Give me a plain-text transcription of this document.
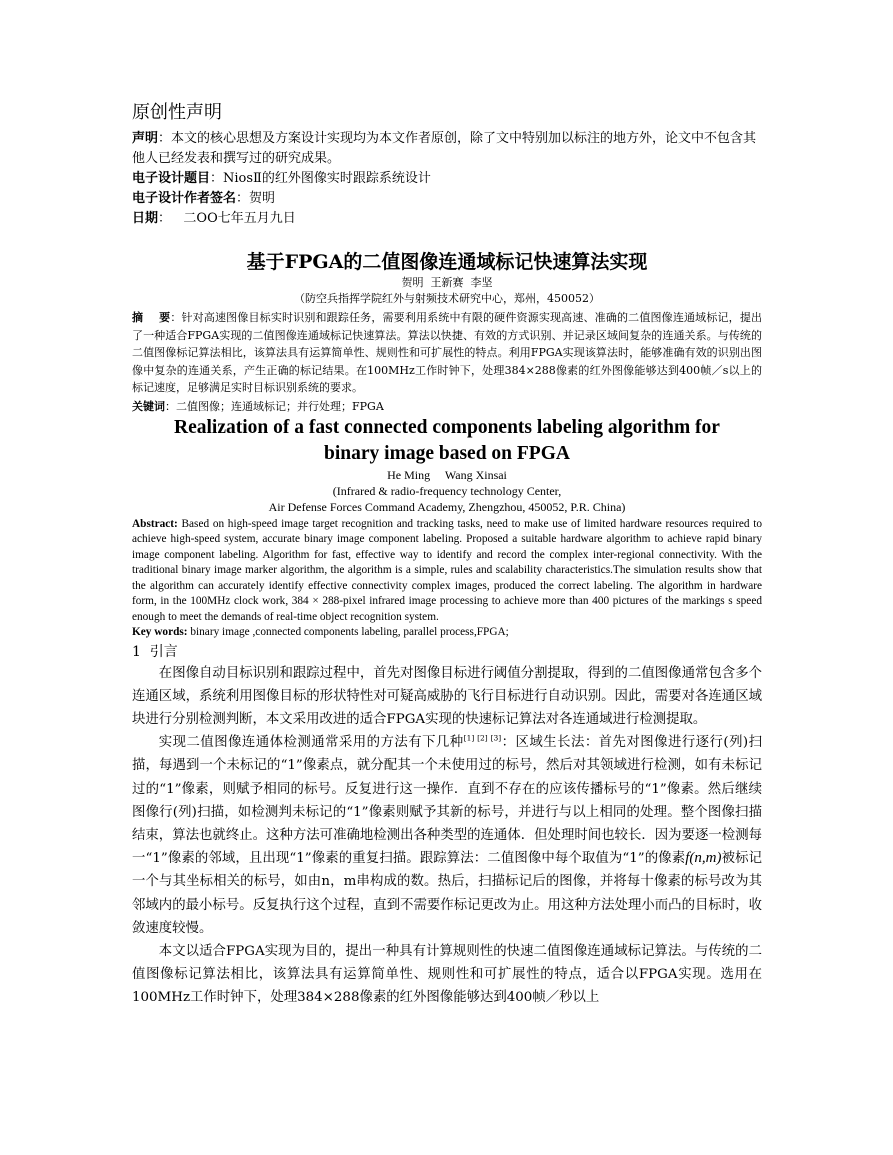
原创性声明

声明：本文的核心思想及方案设计实现均为本文作者原创，除了文中特别加以标注的地方外，论文中不包含其他人已经发表和撰写过的研究成果。

电子设计题目：NiosⅡ的红外图像实时跟踪系统设计

电子设计作者签名：贺明

日期：   二OO七年五月九日

基于FPGA的二值图像连通域标记快速算法实现

贺明  王新赛  李坚

（防空兵指挥学院红外与射频技术研究中心，郑州，450052）

摘    要：针对高速图像目标实时识别和跟踪任务，需要利用系统中有限的硬件资源实现高速、准确的二值图像连通域标记，提出了一种适合FPGA实现的二值图像连通域标记快速算法。算法以快捷、有效的方式识别、并记录区域间复杂的连通关系。与传统的二值图像标记算法相比，该算法具有运算简单性、规则性和可扩展性的特点。利用FPGA实现该算法时，能够准确有效的识别出图像中复杂的连通关系，产生正确的标记结果。在100MHz工作时钟下，处理384×288像素的红外图像能够达到400帧／s以上的标记速度，足够满足实时目标识别系统的要求。

关键词：二值图像；连通域标记；并行处理；FPGA

Realization of a fast connected components labeling algorithm for
binary image based on FPGA

He Ming     Wang Xinsai

(Infrared & radio-frequency technology Center,
Air Defense Forces Command Academy, Zhengzhou, 450052, P.R. China)

Abstract: Based on high-speed image target recognition and tracking tasks, need to make use of limited hardware resources required to achieve high-speed system, accurate binary image component labeling. Proposed a suitable hardware algorithm to achieve rapid binary image component labeling. Algorithm for fast, effective way to identify and record the complex inter-regional connectivity. With the traditional binary image marker algorithm, the algorithm is a simple, rules and scalability characteristics.The simulation results show that the algorithm can accurately identify effective connectivity complex images, produced the correct labeling. The algorithm in hardware form, in the 100MHz clock work, 384 × 288-pixel infrared image processing to achieve more than 400 pictures of the markings s speed enough to meet the demands of real-time object recognition system.

Key words: binary image ,connected components labeling, parallel process,FPGA;

1  引言

在图像自动目标识别和跟踪过程中，首先对图像目标进行阈值分割提取，得到的二值图像通常包含多个连通区域，系统利用图像目标的形状特性对可疑高威胁的飞行目标进行自动识别。因此，需要对各连通区域块进行分别检测判断，本文采用改进的适合FPGA实现的快速标记算法对各连通域进行检测提取。

实现二值图像连通体检测通常采用的方法有下几种[1] [2] [3]：区域生长法：首先对图像进行逐行(列)扫描，每遇到一个未标记的“1”像素点，就分配其一个未使用过的标号，然后对其领域进行检测，如有未标记过的“1”像素，则赋予相同的标号。反复进行这一操作．直到不存在的应该传播标号的“1”像素。然后继续图像行(列)扫描，如检测判未标记的“1”像素则赋予其新的标号，并进行与以上相同的处理。整个图像扫描结束，算法也就终止。这种方法可准确地检测出各种类型的连通体．但处理时间也较长．因为要逐一检测每一“1”像素的邻域，且出现“1”像素的重复扫描。跟踪算法：二值图像中每个取值为“1”的像素f(n,m)被标记一个与其坐标相关的标号，如由n，m串构成的数。热后，扫描标记后的图像，并将每十像素的标号改为其邻域内的最小标号。反复执行这个过程，直到不需要作标记更改为止。用这种方法处理小而凸的目标时，收敛速度较慢。

本文以适合FPGA实现为目的，提出一种具有计算规则性的快速二值图像连通域标记算法。与传统的二值图像标记算法相比，该算法具有运算简单性、规则性和可扩展性的特点，适合以FPGA实现。选用在100MHz工作时钟下，处理384×288像素的红外图像能够达到400帧／秒以上
